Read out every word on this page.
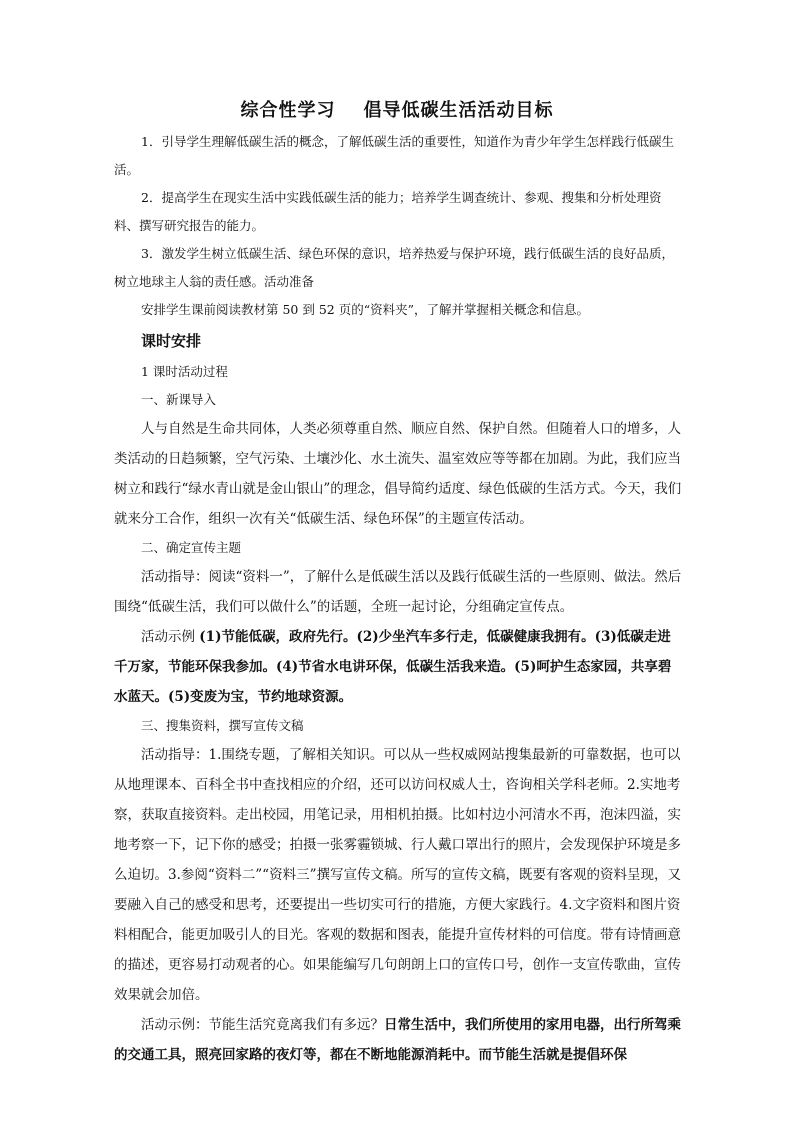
综合性学习 倡导低碳生活活动目标

1．引导学生理解低碳生活的概念，了解低碳生活的重要性，知道作为青少年学生怎样践行低碳生活。

2．提高学生在现实生活中实践低碳生活的能力；培养学生调查统计、参观、搜集和分析处理资料、撰写研究报告的能力。

3．激发学生树立低碳生活、绿色环保的意识，培养热爱与保护环境，践行低碳生活的良好品质，树立地球主人翁的责任感。活动准备

安排学生课前阅读教材第 50 到 52 页的“资料夹”，了解并掌握相关概念和信息。

课时安排

1 课时活动过程

一、新课导入

人与自然是生命共同体，人类必须尊重自然、顺应自然、保护自然。但随着人口的增多，人类活动的日趋频繁，空气污染、土壤沙化、水土流失、温室效应等等都在加剧。为此，我们应当树立和践行“绿水青山就是金山银山”的理念，倡导简约适度、绿色低碳的生活方式。今天，我们就来分工合作，组织一次有关“低碳生活、绿色环保”的主题宣传活动。

二、确定宣传主题

活动指导：阅读“资料一”，了解什么是低碳生活以及践行低碳生活的一些原则、做法。然后围绕“低碳生活，我们可以做什么”的话题，全班一起讨论，分组确定宣传点。

活动示例 (1)节能低碳，政府先行。(2)少坐汽车多行走，低碳健康我拥有。(3)低碳走进千万家，节能环保我参加。(4)节省水电讲环保，低碳生活我来造。(5)呵护生态家园，共享碧水蓝天。(5)变废为宝，节约地球资源。

三、搜集资料，撰写宣传文稿

活动指导：1.围绕专题，了解相关知识。可以从一些权威网站搜集最新的可靠数据，也可以从地理课本、百科全书中查找相应的介绍，还可以访问权威人士，咨询相关学科老师。2.实地考察，获取直接资料。走出校园，用笔记录，用相机拍摄。比如村边小河清水不再，泡沫四溢，实地考察一下，记下你的感受；拍摄一张雾霾锁城、行人戴口罩出行的照片，会发现保护环境是多么迫切。3.参阅“资料二”“资料三”撰写宣传文稿。所写的宣传文稿，既要有客观的资料呈现，又要融入自己的感受和思考，还要提出一些切实可行的措施，方便大家践行。4.文字资料和图片资料相配合，能更加吸引人的目光。客观的数据和图表，能提升宣传材料的可信度。带有诗情画意的描述，更容易打动观者的心。如果能编写几句朗朗上口的宣传口号，创作一支宣传歌曲，宣传效果就会加倍。

活动示例：节能生活究竟离我们有多远？日常生活中，我们所使用的家用电器，出行所驾乘的交通工具，照亮回家路的夜灯等，都在不断地能源消耗中。而节能生活就是提倡环保
